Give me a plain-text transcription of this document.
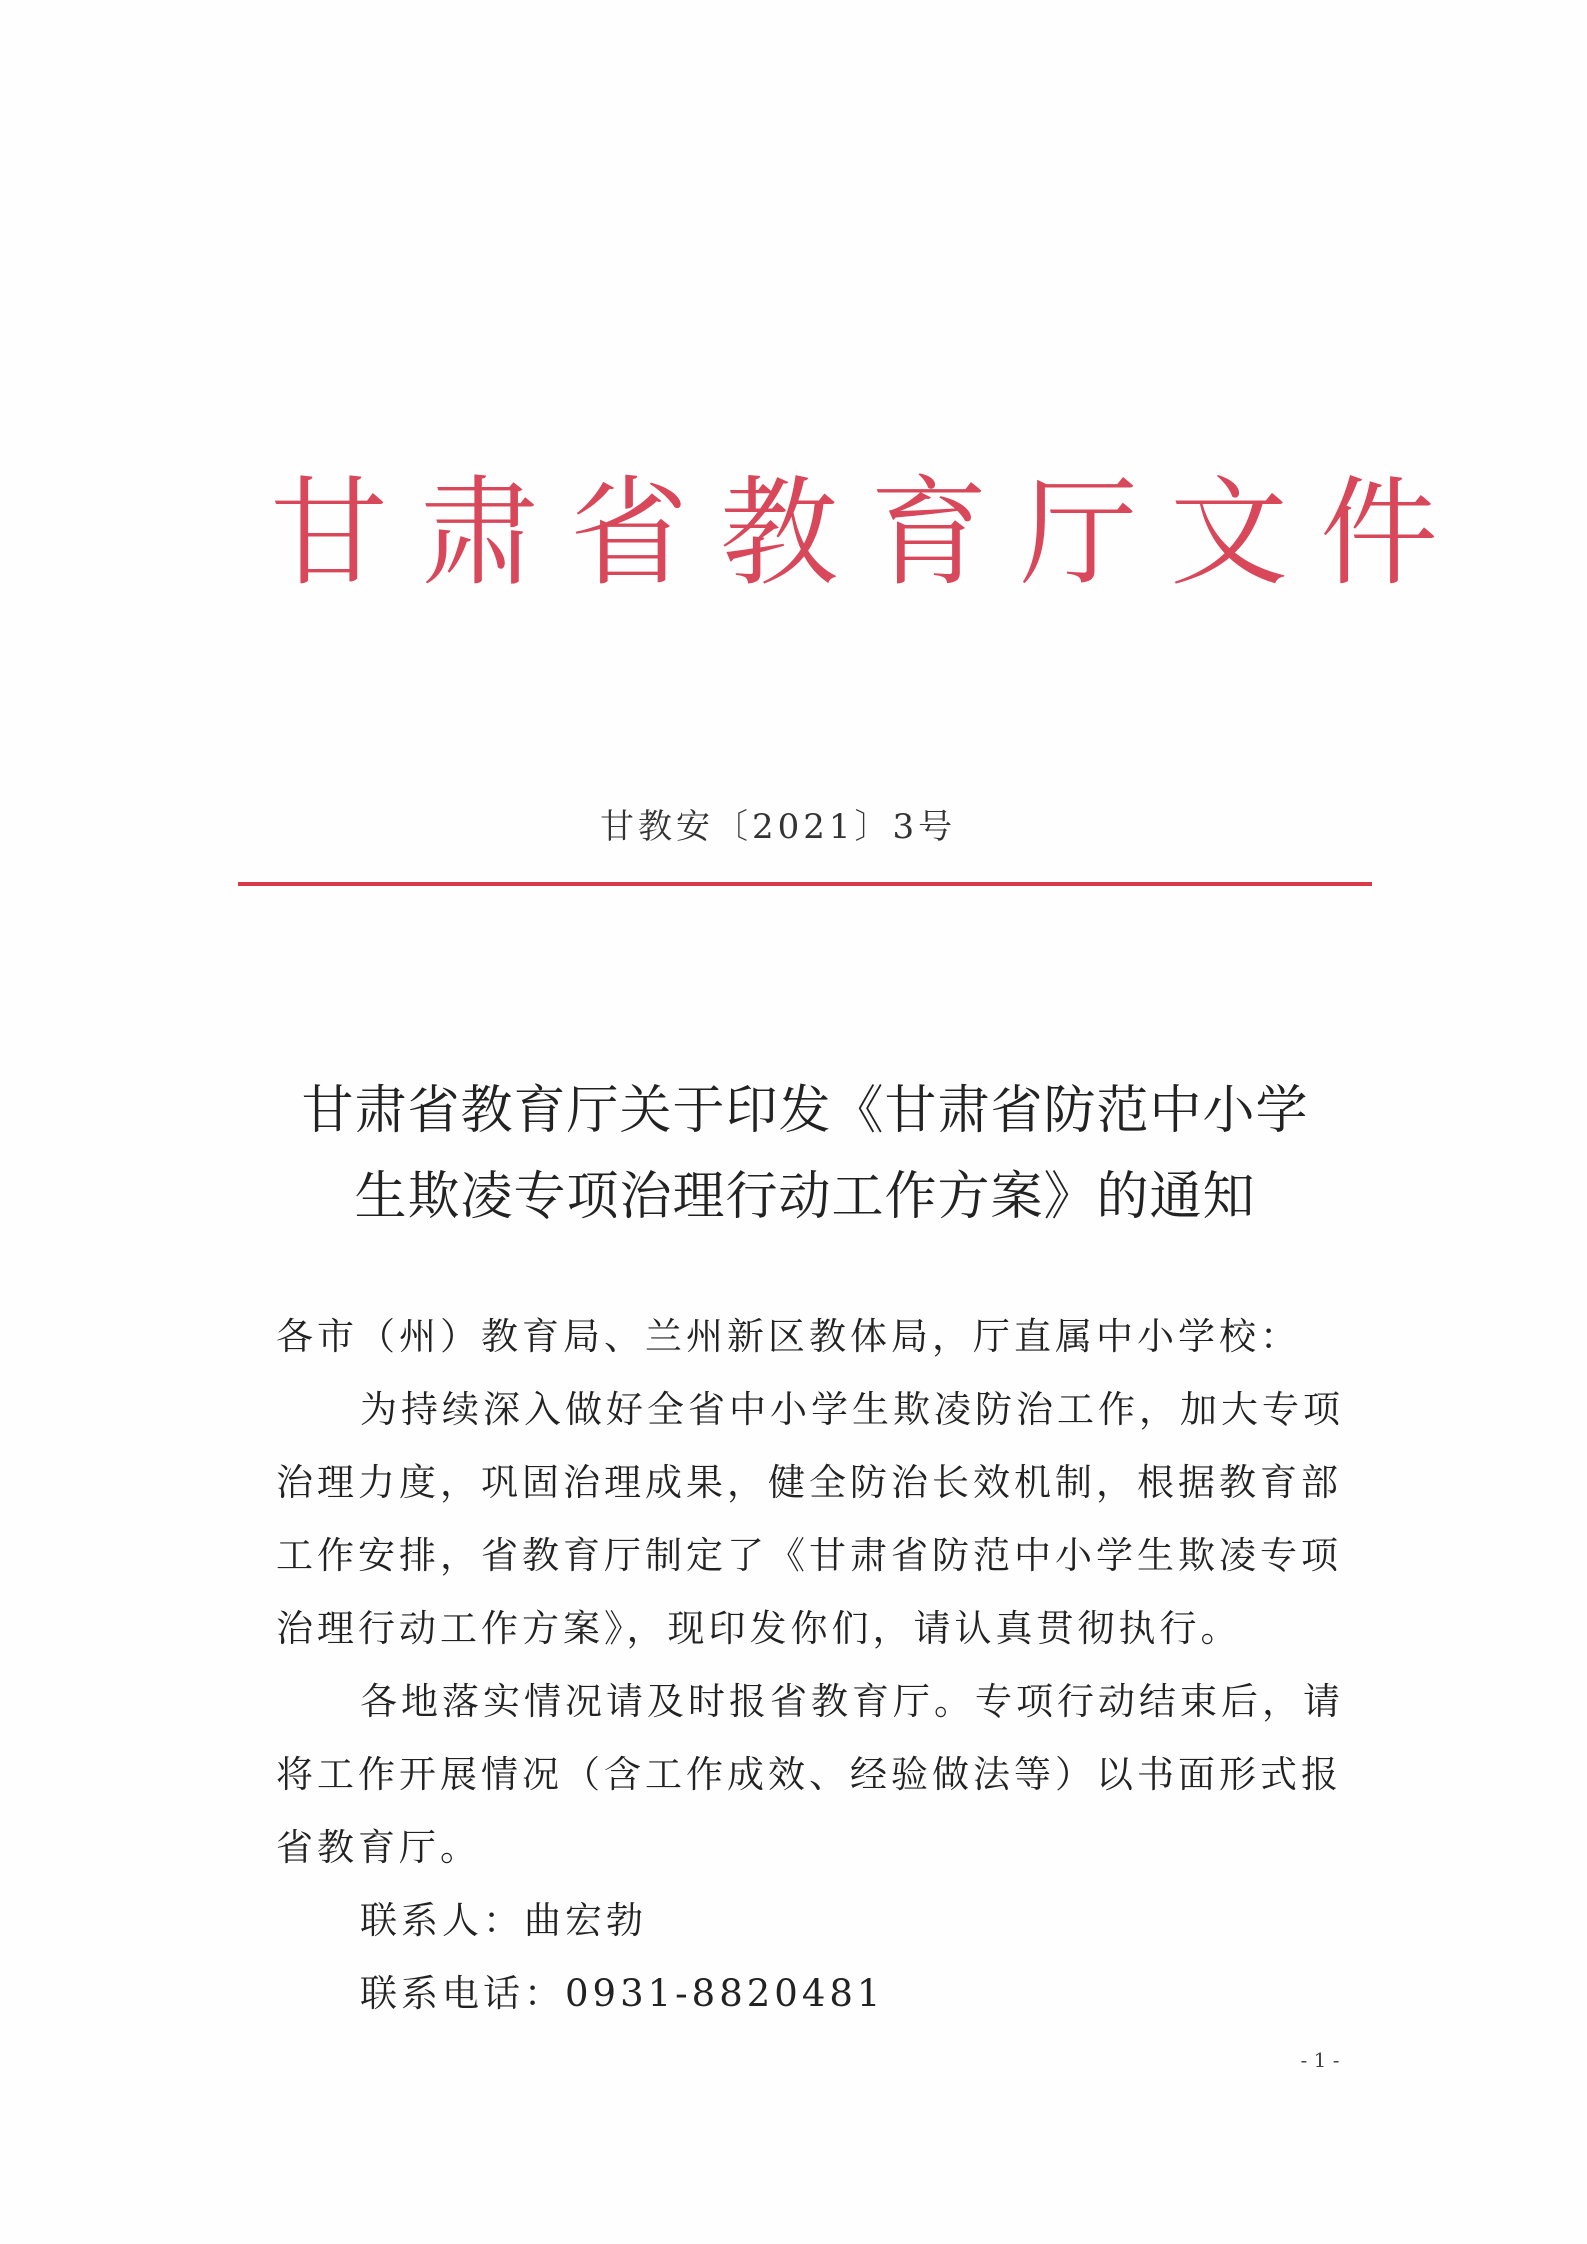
甘肃省教育厅文件
甘教安〔2021〕3号
甘肃省教育厅关于印发《甘肃省防范中小学
生欺凌专项治理行动工作方案》的通知
各市（州）教育局、兰州新区教体局，厅直属中小学校：
为持续深入做好全省中小学生欺凌防治工作，加大专项
治理力度，巩固治理成果，健全防治长效机制，根据教育部
工作安排，省教育厅制定了《甘肃省防范中小学生欺凌专项
治理行动工作方案》，现印发你们，请认真贯彻执行。
各地落实情况请及时报省教育厅。专项行动结束后，请
将工作开展情况（含工作成效、经验做法等）以书面形式报
省教育厅。
联系人：曲宏勃
联系电话：0931-8820481
- 1 -
